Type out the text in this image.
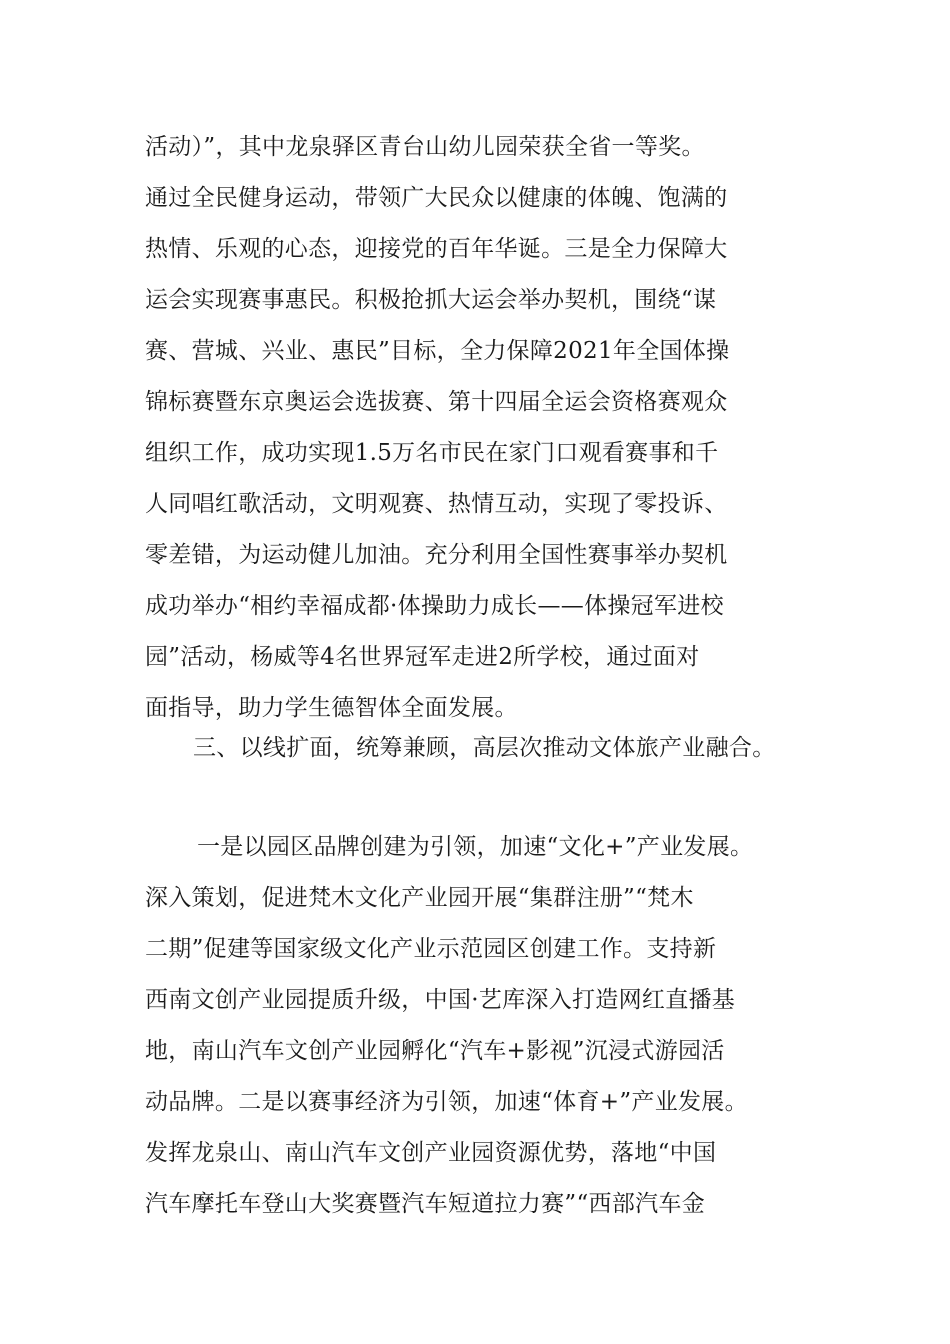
活动）”，其中龙泉驿区青台山幼儿园荣获全省一等奖。
通过全民健身运动，带领广大民众以健康的体魄、饱满的
热情、乐观的心态，迎接党的百年华诞。三是全力保障大
运会实现赛事惠民。积极抢抓大运会举办契机，围绕“谋
赛、营城、兴业、惠民”目标，全力保障2021年全国体操
锦标赛暨东京奥运会选拔赛、第十四届全运会资格赛观众
组织工作，成功实现1.5万名市民在家门口观看赛事和千
人同唱红歌活动，文明观赛、热情互动，实现了零投诉、
零差错，为运动健儿加油。充分利用全国性赛事举办契机
成功举办“相约幸福成都·体操助力成长——体操冠军进校
园”活动，杨威等4名世界冠军走进2所学校，通过面对
面指导，助力学生德智体全面发展。
三、以线扩面，统筹兼顾，高层次推动文体旅产业融合。
一是以园区品牌创建为引领，加速“文化+”产业发展。
深入策划，促进梵木文化产业园开展“集群注册”“梵木
二期”促建等国家级文化产业示范园区创建工作。支持新
西南文创产业园提质升级，中国·艺库深入打造网红直播基
地，南山汽车文创产业园孵化“汽车+影视”沉浸式游园活
动品牌。二是以赛事经济为引领，加速“体育+”产业发展。
发挥龙泉山、南山汽车文创产业园资源优势，落地“中国
汽车摩托车登山大奖赛暨汽车短道拉力赛”“西部汽车金
